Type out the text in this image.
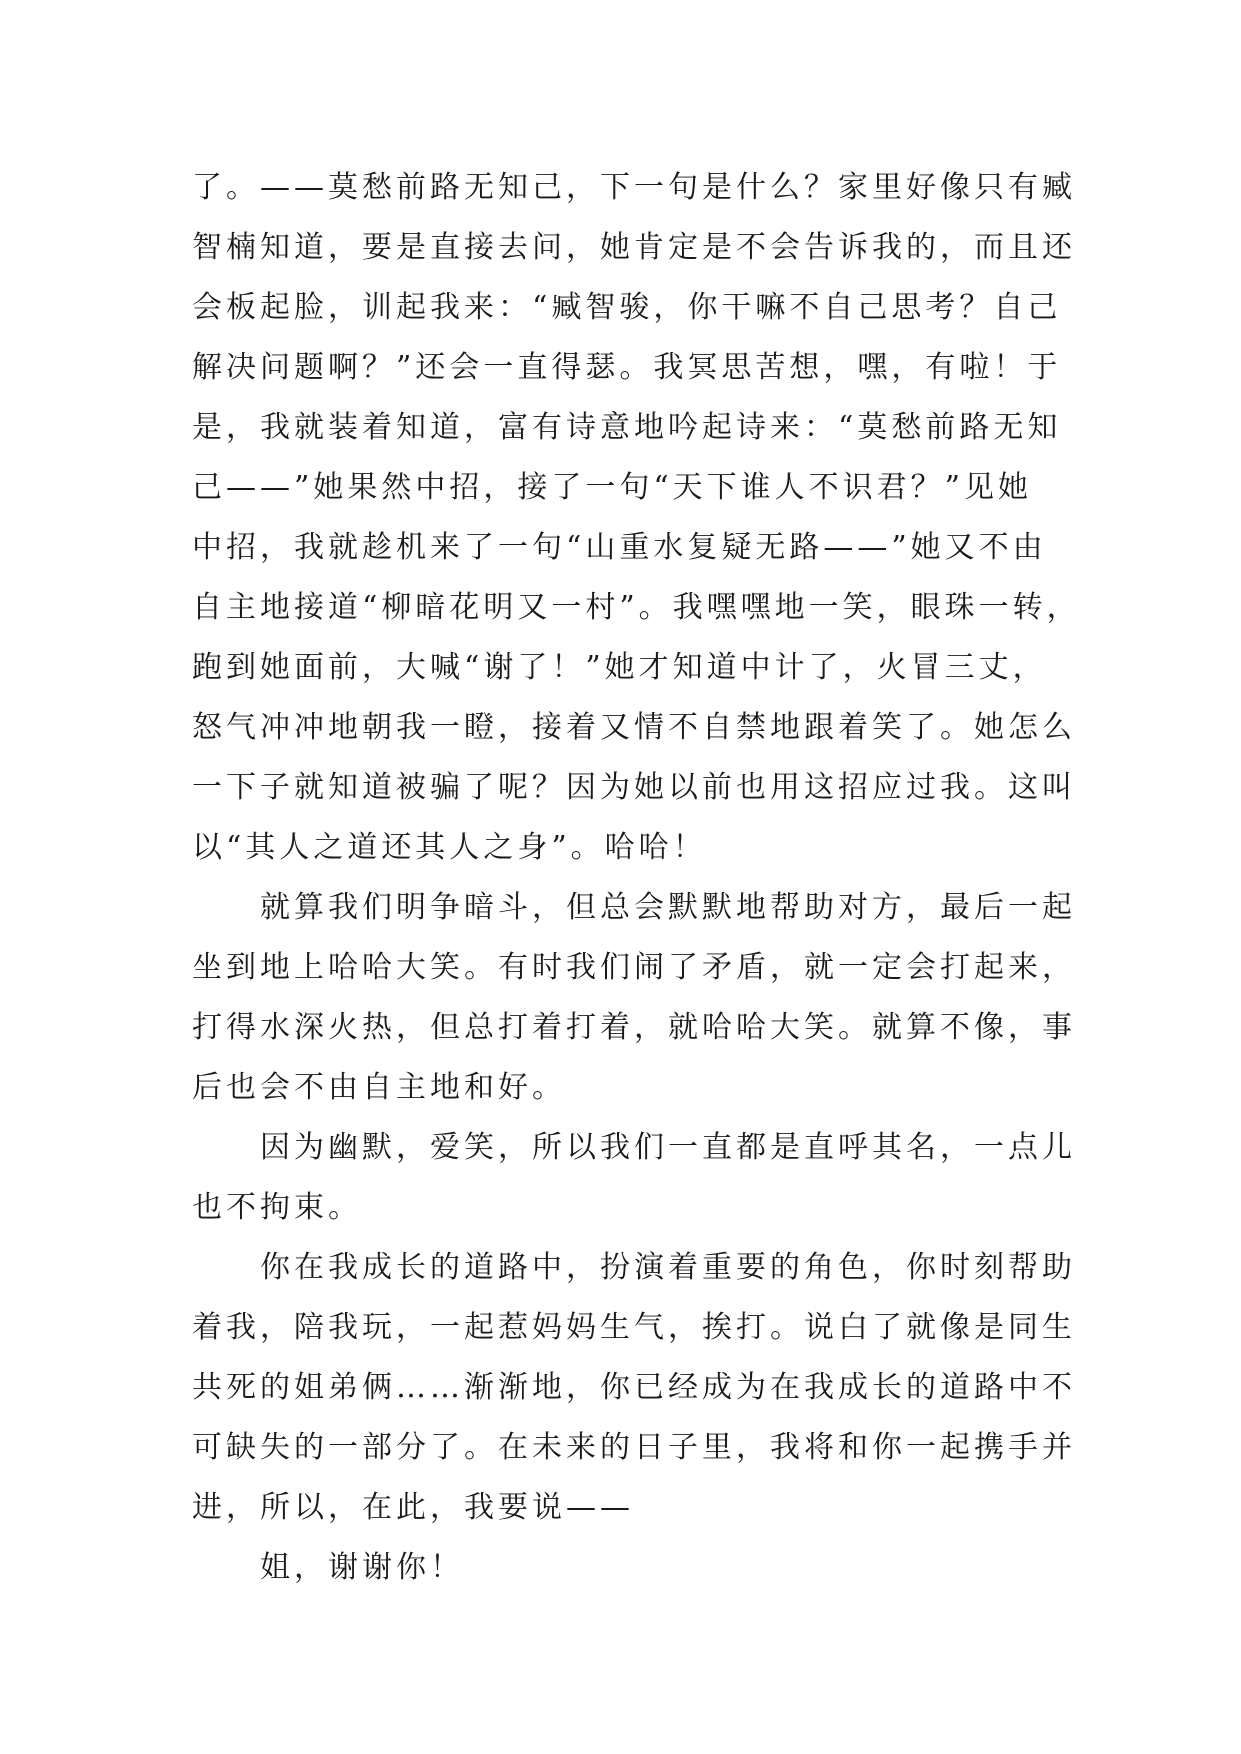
了。——莫愁前路无知己，下一句是什么？家里好像只有臧
智楠知道，要是直接去问，她肯定是不会告诉我的，而且还
会板起脸，训起我来：“臧智骏，你干嘛不自己思考？自己
解决问题啊？”还会一直得瑟。我冥思苦想，嘿，有啦！于
是，我就装着知道，富有诗意地吟起诗来：“莫愁前路无知
己——”她果然中招，接了一句“天下谁人不识君？”见她
中招，我就趁机来了一句“山重水复疑无路——”她又不由
自主地接道“柳暗花明又一村”。我嘿嘿地一笑，眼珠一转，
跑到她面前，大喊“谢了！”她才知道中计了，火冒三丈，
怒气冲冲地朝我一瞪，接着又情不自禁地跟着笑了。她怎么
一下子就知道被骗了呢？因为她以前也用这招应过我。这叫
以“其人之道还其人之身”。哈哈！
　　就算我们明争暗斗，但总会默默地帮助对方，最后一起
坐到地上哈哈大笑。有时我们闹了矛盾，就一定会打起来，
打得水深火热，但总打着打着，就哈哈大笑。就算不像，事
后也会不由自主地和好。
　　因为幽默，爱笑，所以我们一直都是直呼其名，一点儿
也不拘束。
　　你在我成长的道路中，扮演着重要的角色，你时刻帮助
着我，陪我玩，一起惹妈妈生气，挨打。说白了就像是同生
共死的姐弟俩……渐渐地，你已经成为在我成长的道路中不
可缺失的一部分了。在未来的日子里，我将和你一起携手并
进，所以，在此，我要说——
　　姐，谢谢你！
